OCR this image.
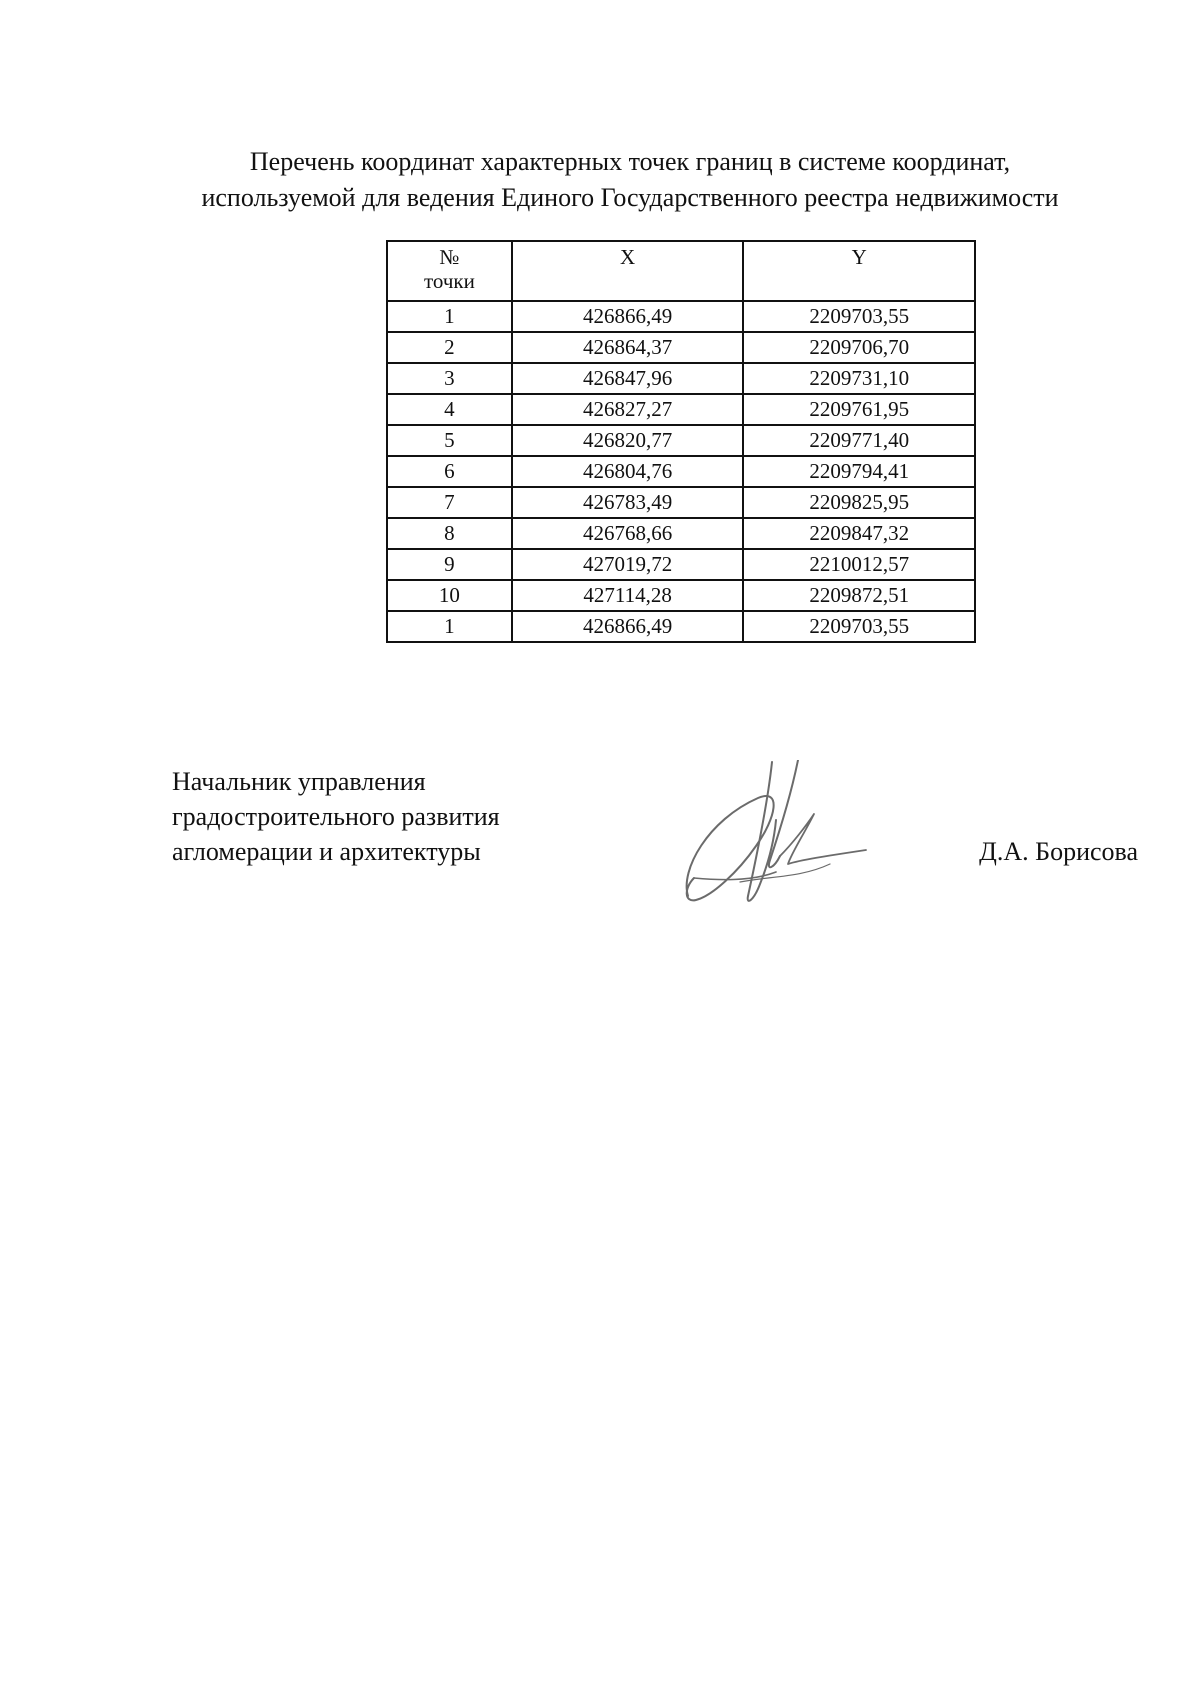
Перечень координат характерных точек границ в системе координат,
используемой для ведения Единого Государственного реестра недвижимости
№
точки	X	Y
1	426866,49	2209703,55
2	426864,37	2209706,70
3	426847,96	2209731,10
4	426827,27	2209761,95
5	426820,77	2209771,40
6	426804,76	2209794,41
7	426783,49	2209825,95
8	426768,66	2209847,32
9	427019,72	2210012,57
10	427114,28	2209872,51
1	426866,49	2209703,55
Начальник управления
градостроительного развития
агломерации и архитектуры	Д.А. Борисова
